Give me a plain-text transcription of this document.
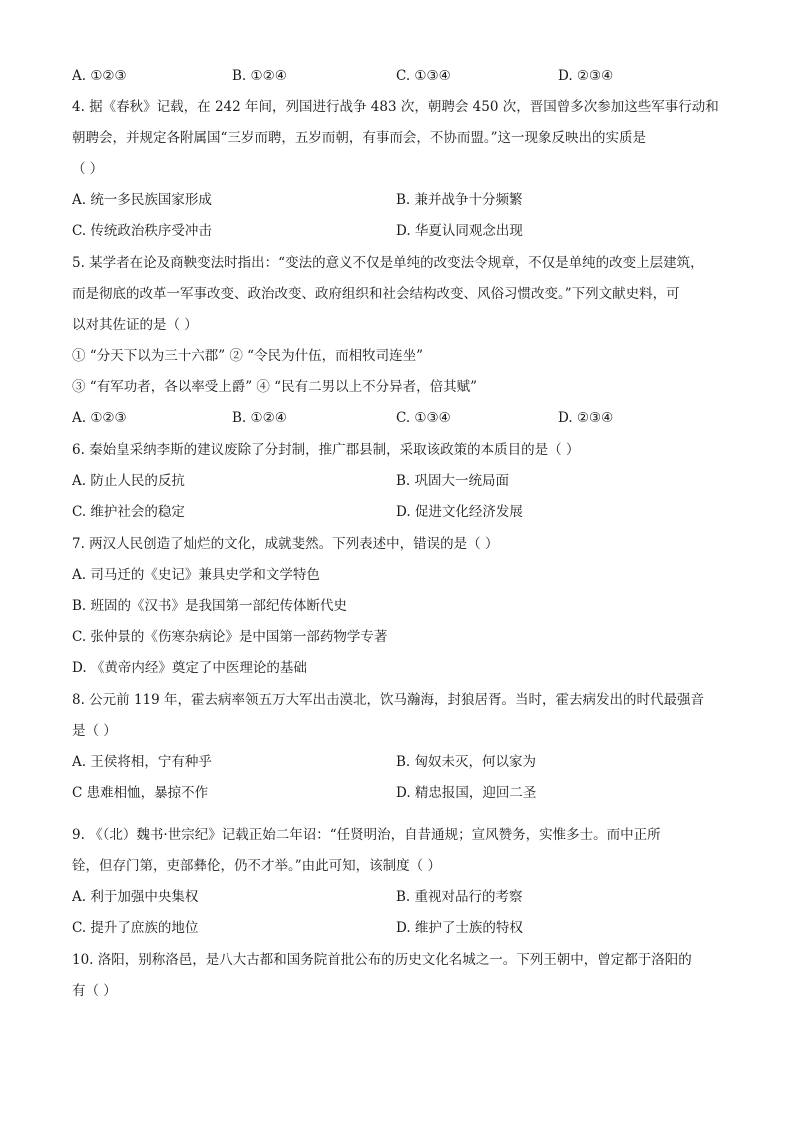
A. ①②③	B. ①②④	C. ①③④	D. ②③④
4. 据《春秋》记载，在 242 年间，列国进行战争 483 次，朝聘会 450 次，晋国曾多次参加这些军事行动和
朝聘会，并规定各附属国“三岁而聘，五岁而朝，有事而会，不协而盟。”这一现象反映出的实质是
（ ）
A. 统一多民族国家形成	B. 兼并战争十分频繁
C. 传统政治秩序受冲击	D. 华夏认同观念出现
5. 某学者在论及商鞅变法时指出：“变法的意义不仅是单纯的改变法令规章，不仅是单纯的改变上层建筑，
而是彻底的改革一军事改变、政治改变、政府组织和社会结构改变、风俗习惯改变。”下列文献史料，可
以对其佐证的是（ ）
① “分天下以为三十六郡” ② “令民为什伍，而相牧司连坐”
③ “有军功者，各以率受上爵” ④ “民有二男以上不分异者，倍其赋”
A. ①②③	B. ①②④	C. ①③④	D. ②③④
6. 秦始皇采纳李斯的建议废除了分封制，推广郡县制，采取该政策的本质目的是（ ）
A. 防止人民的反抗	B. 巩固大一统局面
C. 维护社会的稳定	D. 促进文化经济发展
7. 两汉人民创造了灿烂的文化，成就斐然。下列表述中，错误的是（ ）
A. 司马迁的《史记》兼具史学和文学特色
B. 班固的《汉书》是我国第一部纪传体断代史
C. 张仲景的《伤寒杂病论》是中国第一部药物学专著
D. 《黄帝内经》奠定了中医理论的基础
8. 公元前 119 年，霍去病率领五万大军出击漠北，饮马瀚海，封狼居胥。当时，霍去病发出的时代最强音
是（ ）
A. 王侯将相，宁有种乎	B. 匈奴未灭，何以家为
C 患难相恤，暴掠不作	D. 精忠报国，迎回二圣
9. 《（北）魏书·世宗纪》记载正始二年诏：“任贤明治，自昔通规；宣风赞务，实惟多士。而中正所
铨，但存门第，吏部彝伦，仍不才举。”由此可知，该制度（ ）
A. 利于加强中央集权	B. 重视对品行的考察
C. 提升了庶族的地位	D. 维护了士族的特权
10. 洛阳，别称洛邑，是八大古都和国务院首批公布的历史文化名城之一。下列王朝中，曾定都于洛阳的
有（ ）
